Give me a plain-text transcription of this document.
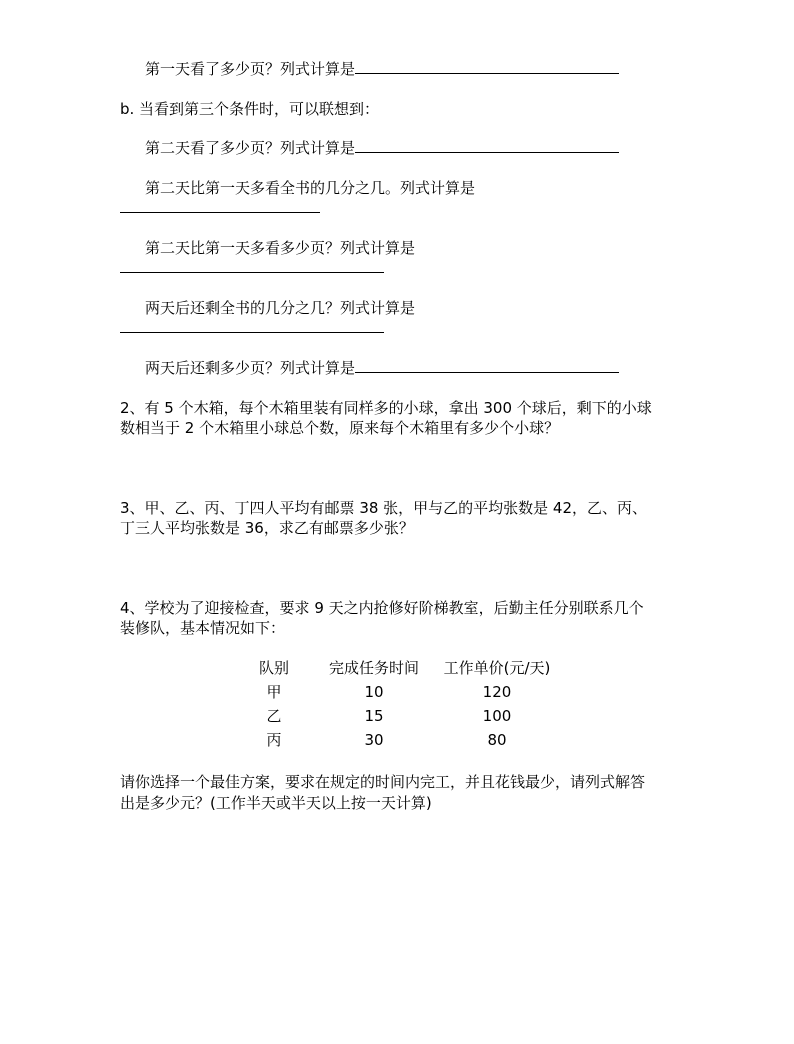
第一天看了多少页？列式计算是
b. 当看到第三个条件时，可以联想到：
第二天看了多少页？列式计算是
第二天比第一天多看全书的几分之几。列式计算是
第二天比第一天多看多少页？列式计算是
两天后还剩全书的几分之几？列式计算是
两天后还剩多少页？列式计算是
2、有 5 个木箱，每个木箱里装有同样多的小球，拿出 300 个球后，剩下的小球
数相当于 2 个木箱里小球总个数，原来每个木箱里有多少个小球？
3、甲、乙、丙、丁四人平均有邮票 38 张，甲与乙的平均张数是 42，乙、丙、
丁三人平均张数是 36，求乙有邮票多少张？
4、学校为了迎接检查，要求 9 天之内抢修好阶梯教室，后勤主任分别联系几个
装修队，基本情况如下：
队别	完成任务时间	工作单价(元/天)
甲	10	120
乙	15	100
丙	30	80
请你选择一个最佳方案，要求在规定的时间内完工，并且花钱最少，请列式解答
出是多少元？(工作半天或半天以上按一天计算)
